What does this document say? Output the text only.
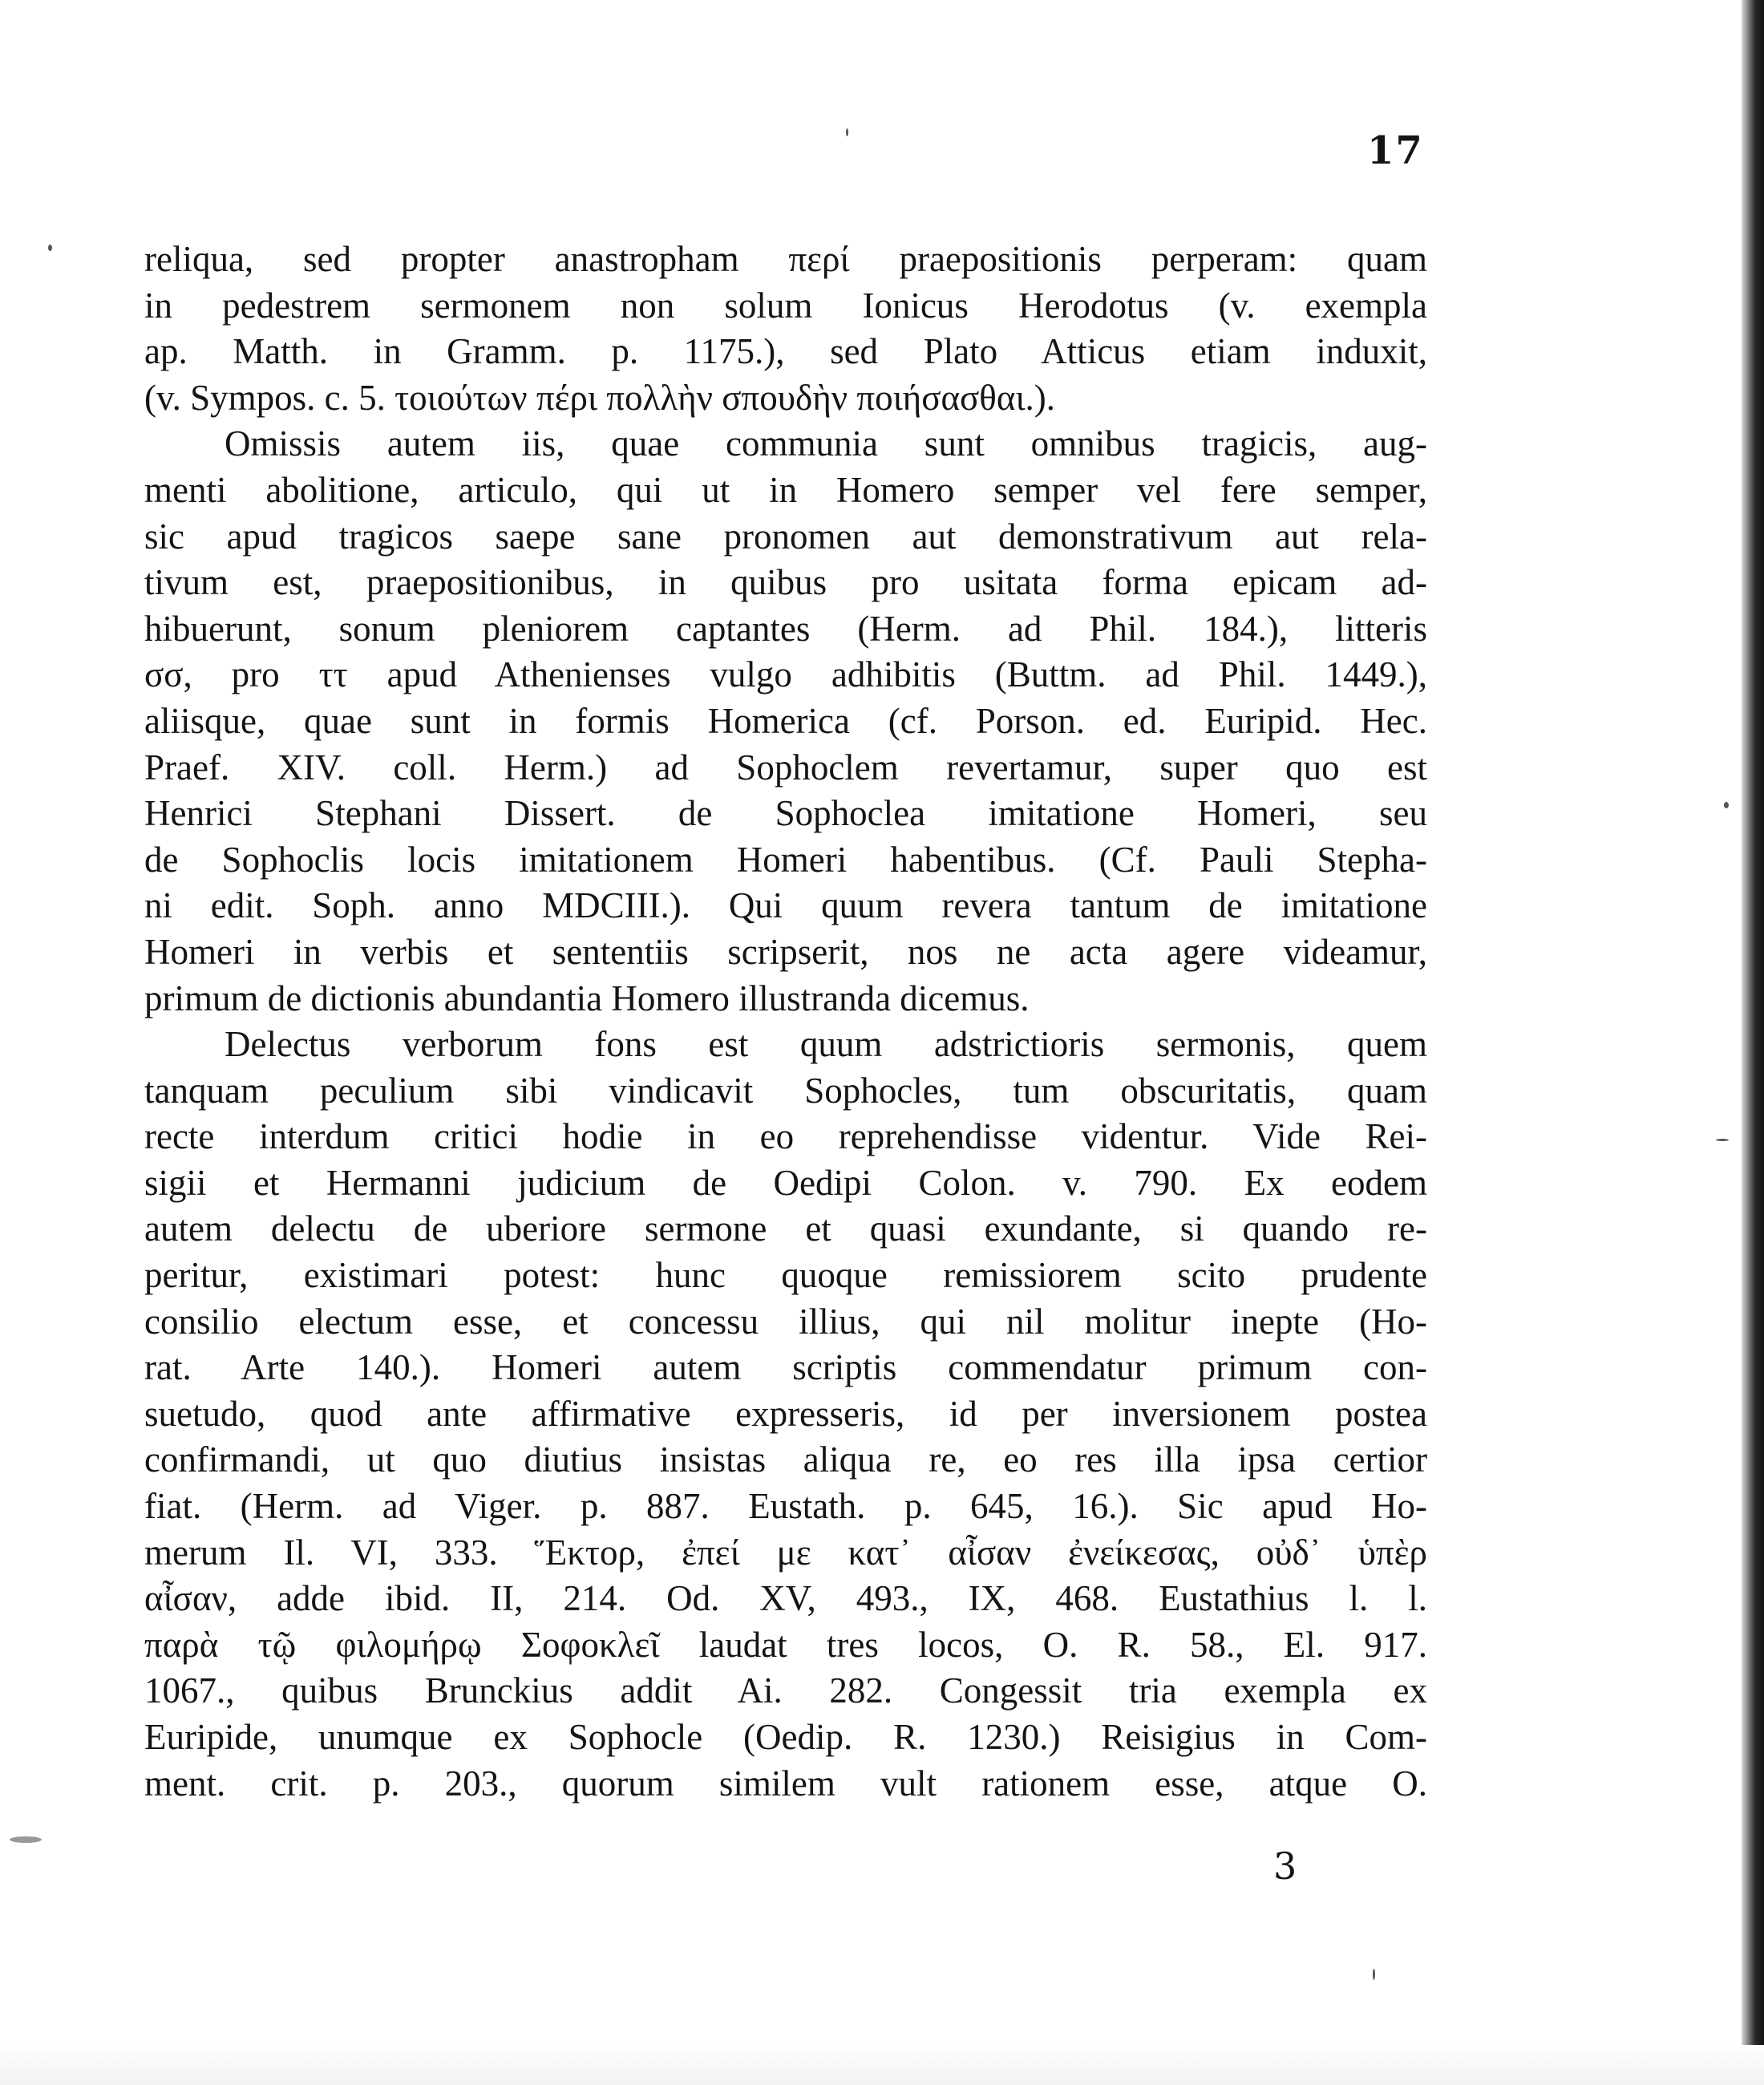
17
reliqua, sed propter anastropham περί praepositionis perperam: quam
in pedestrem sermonem non solum Ionicus Herodotus (v. exempla
ap. Matth. in Gramm. p. 1175.), sed Plato Atticus etiam induxit,
(v. Sympos. c. 5. τοιούτων πέρι πολλὴν σπουδὴν ποιήσασθαι.).
Omissis autem iis, quae communia sunt omnibus tragicis, aug-
menti abolitione, articulo, qui ut in Homero semper vel fere semper,
sic apud tragicos saepe sane pronomen aut demonstrativum aut rela-
tivum est, praepositionibus, in quibus pro usitata forma epicam ad-
hibuerunt, sonum pleniorem captantes (Herm. ad Phil. 184.), litteris
σσ, pro ττ apud Athenienses vulgo adhibitis (Buttm. ad Phil. 1449.),
aliisque, quae sunt in formis Homerica (cf. Porson. ed. Euripid. Hec.
Praef. XIV. coll. Herm.) ad Sophoclem revertamur, super quo est
Henrici Stephani Dissert. de Sophoclea imitatione Homeri, seu
de Sophoclis locis imitationem Homeri habentibus. (Cf. Pauli Stepha-
ni edit. Soph. anno MDCIII.). Qui quum revera tantum de imitatione
Homeri in verbis et sententiis scripserit, nos ne acta agere videamur,
primum de dictionis abundantia Homero illustranda dicemus.
Delectus verborum fons est quum adstrictioris sermonis, quem
tanquam peculium sibi vindicavit Sophocles, tum obscuritatis, quam
recte interdum critici hodie in eo reprehendisse videntur. Vide Rei-
sigii et Hermanni judicium de Oedipi Colon. v. 790. Ex eodem
autem delectu de uberiore sermone et quasi exundante, si quando re-
peritur, existimari potest: hunc quoque remissiorem scito prudente
consilio electum esse, et concessu illius, qui nil molitur inepte (Ho-
rat. Arte 140.). Homeri autem scriptis commendatur primum con-
suetudo, quod ante affirmative expresseris, id per inversionem postea
confirmandi, ut quo diutius insistas aliqua re, eo res illa ipsa certior
fiat. (Herm. ad Viger. p. 887. Eustath. p. 645, 16.). Sic apud Ho-
merum Il. VI, 333. Ἕκτορ, ἐπεί με κατ᾽ αἶσαν ἐνείκεσας, οὐδ᾽ ὑπὲρ
αἶσαν, adde ibid. II, 214. Od. XV, 493., IX, 468. Eustathius l. l.
παρὰ τῷ φιλομήρῳ Σοφοκλεῖ laudat tres locos, O. R. 58., El. 917.
1067., quibus Brunckius addit Ai. 282. Congessit tria exempla ex
Euripide, unumque ex Sophocle (Oedip. R. 1230.) Reisigius in Com-
ment. crit. p. 203., quorum similem vult rationem esse, atque O.
3
